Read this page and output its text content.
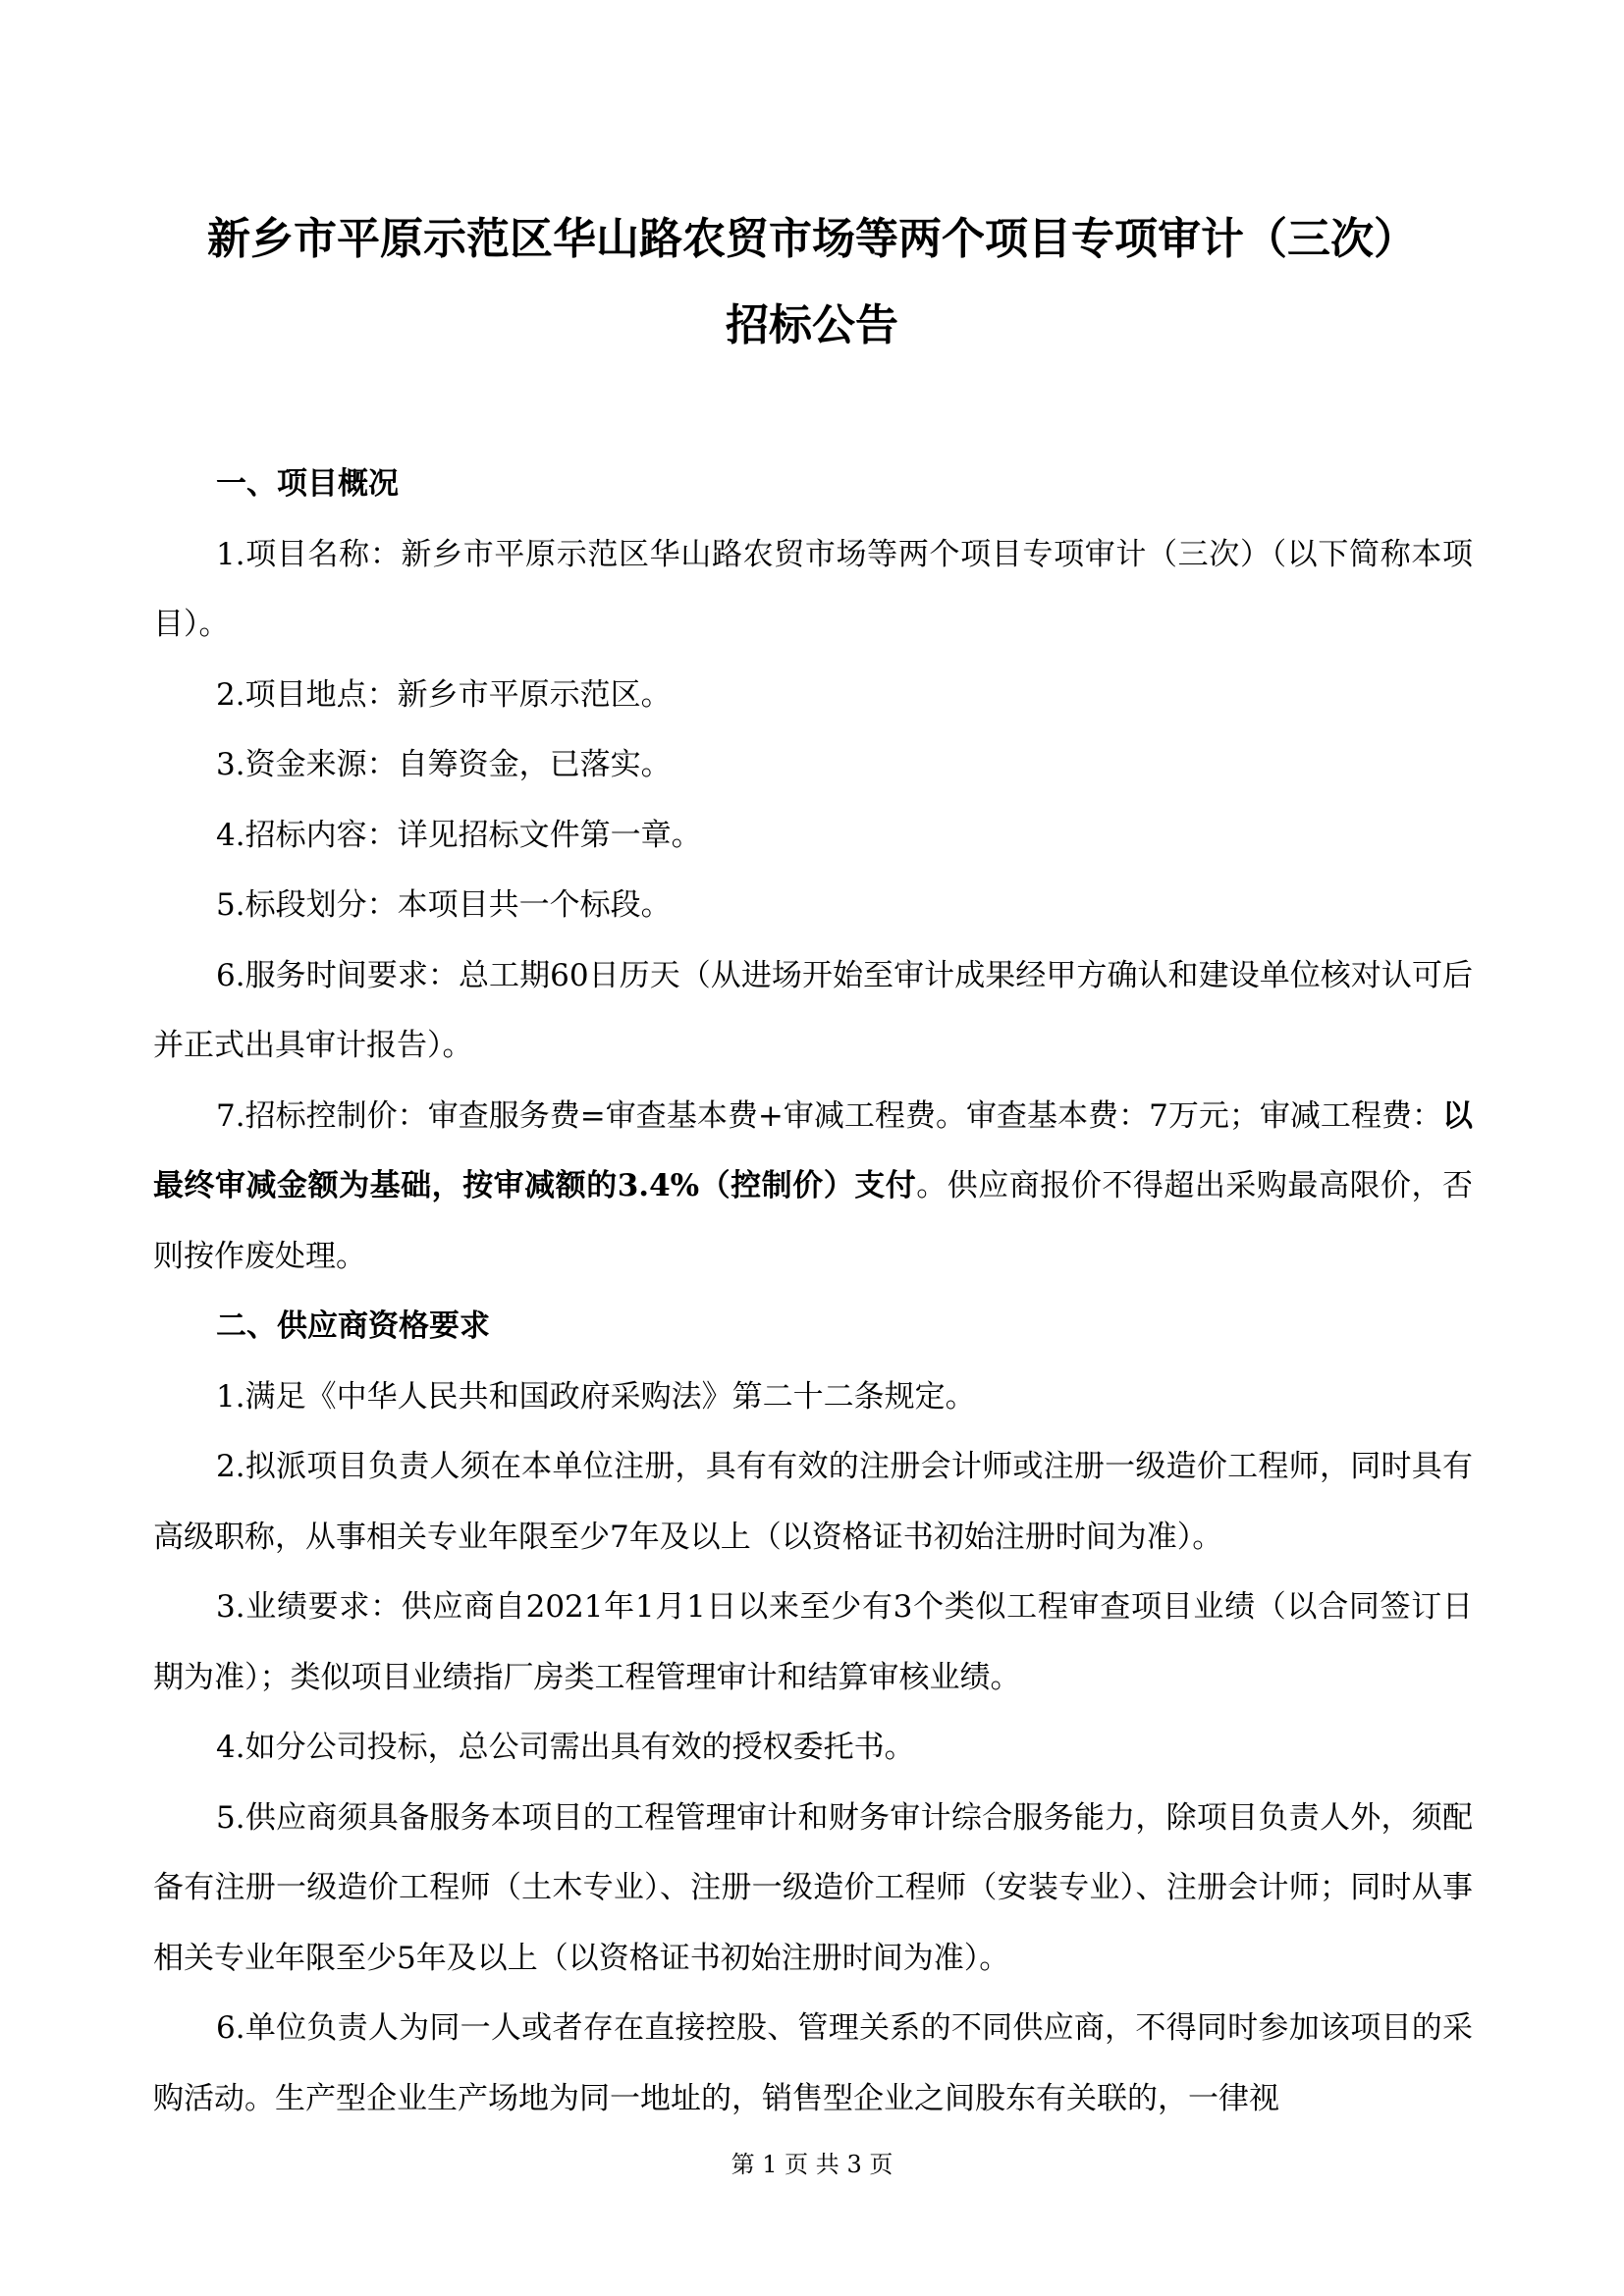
新乡市平原示范区华山路农贸市场等两个项目专项审计（三次）
招标公告
一、项目概况

1.项目名称：新乡市平原示范区华山路农贸市场等两个项目专项审计（三次）（以下简称本项目）。

2.项目地点：新乡市平原示范区。

3.资金来源：自筹资金，已落实。

4.招标内容：详见招标文件第一章。

5.标段划分：本项目共一个标段。

6.服务时间要求：总工期60日历天（从进场开始至审计成果经甲方确认和建设单位核对认可后并正式出具审计报告）。

7.招标控制价：审查服务费=审查基本费+审减工程费。审查基本费：7万元；审减工程费：以最终审减金额为基础，按审减额的3.4%（控制价）支付。供应商报价不得超出采购最高限价，否则按作废处理。

二、供应商资格要求

1.满足《中华人民共和国政府采购法》第二十二条规定。

2.拟派项目负责人须在本单位注册，具有有效的注册会计师或注册一级造价工程师，同时具有高级职称，从事相关专业年限至少7年及以上（以资格证书初始注册时间为准）。

3.业绩要求：供应商自2021年1月1日以来至少有3个类似工程审查项目业绩（以合同签订日期为准）；类似项目业绩指厂房类工程管理审计和结算审核业绩。

4.如分公司投标，总公司需出具有效的授权委托书。

5.供应商须具备服务本项目的工程管理审计和财务审计综合服务能力，除项目负责人外，须配备有注册一级造价工程师（土木专业）、注册一级造价工程师（安装专业）、注册会计师；同时从事相关专业年限至少5年及以上（以资格证书初始注册时间为准）。

6.单位负责人为同一人或者存在直接控股、管理关系的不同供应商，不得同时参加该项目的采购活动。生产型企业生产场地为同一地址的，销售型企业之间股东有关联的，一律视

第 1 页 共 3 页
